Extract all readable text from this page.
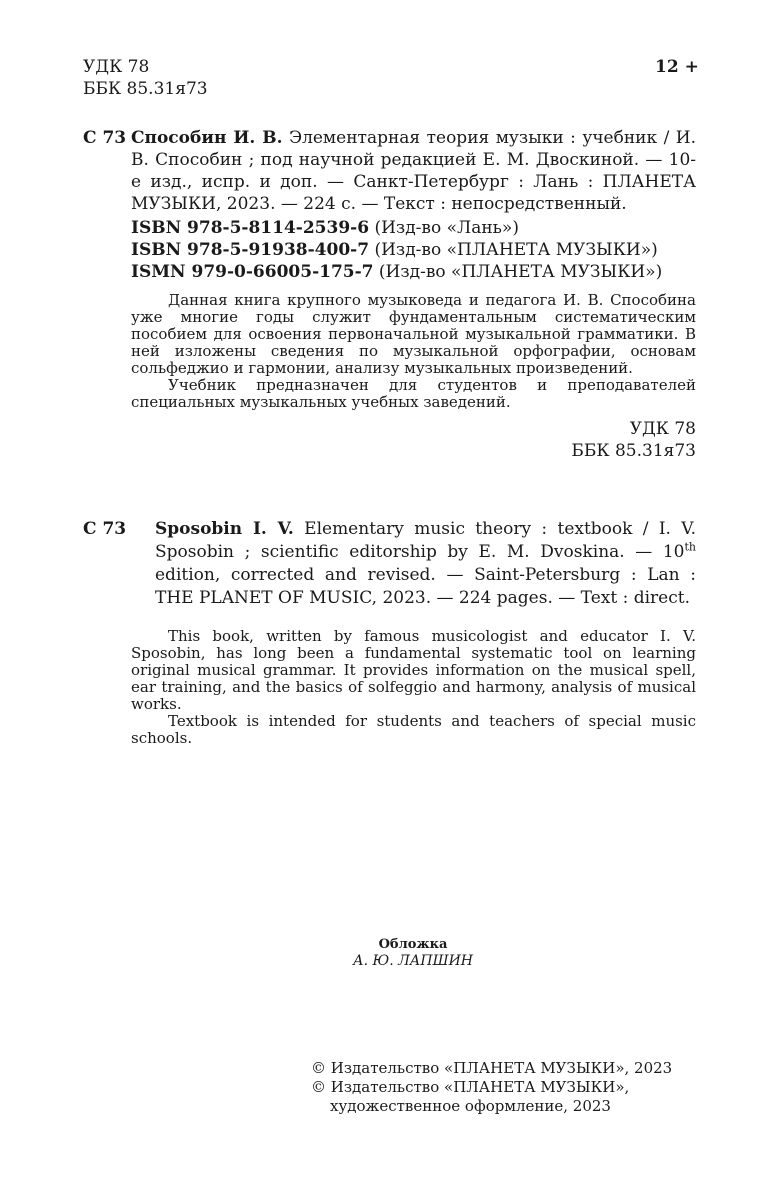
УДК 78
ББК 85.31я73
12 +
С 73 Способин И. В. Элементарная теория музыки : учебник / И. В. Способин ; под научной редакцией Е. М. Двоскиной. — 10-е изд., испр. и доп. — Санкт-Петербург : Лань : ПЛАНЕТА МУЗЫКИ, 2023. — 224 с. — Текст : непосредственный.
ISBN 978-5-8114-2539-6 (Изд-во «Лань»)
ISBN 978-5-91938-400-7 (Изд-во «ПЛАНЕТА МУЗЫКИ»)
ISMN 979-0-66005-175-7 (Изд-во «ПЛАНЕТА МУЗЫКИ»)

Данная книга крупного музыковеда и педагога И. В. Способина уже многие годы служит фундаментальным систематическим пособием для освоения первоначальной музыкальной грамматики. В ней изложены сведения по музыкальной орфографии, основам сольфеджио и гармонии, анализу музыкальных произведений.

Учебник предназначен для студентов и преподавателей специальных музыкальных учебных заведений.

УДК 78
ББК 85.31я73
С 73 Sposobin I. V. Elementary music theory : textbook / I. V. Sposobin ; scientific editorship by E. M. Dvoskina. — 10th edition, corrected and revised. — Saint-Petersburg : Lan : THE PLANET OF MUSIC, 2023. — 224 pages. — Text : direct.

This book, written by famous musicologist and educator I. V. Sposobin, has long been a fundamental systematic tool on learning original musical grammar. It provides information on the musical spell, ear training, and the basics of solfeggio and harmony, analysis of musical works.

Textbook is intended for students and teachers of special music schools.

Обложка
А. Ю. ЛАПШИН
© Издательство «ПЛАНЕТА МУЗЫКИ», 2023
© Издательство «ПЛАНЕТА МУЗЫКИ»,
художественное оформление, 2023
